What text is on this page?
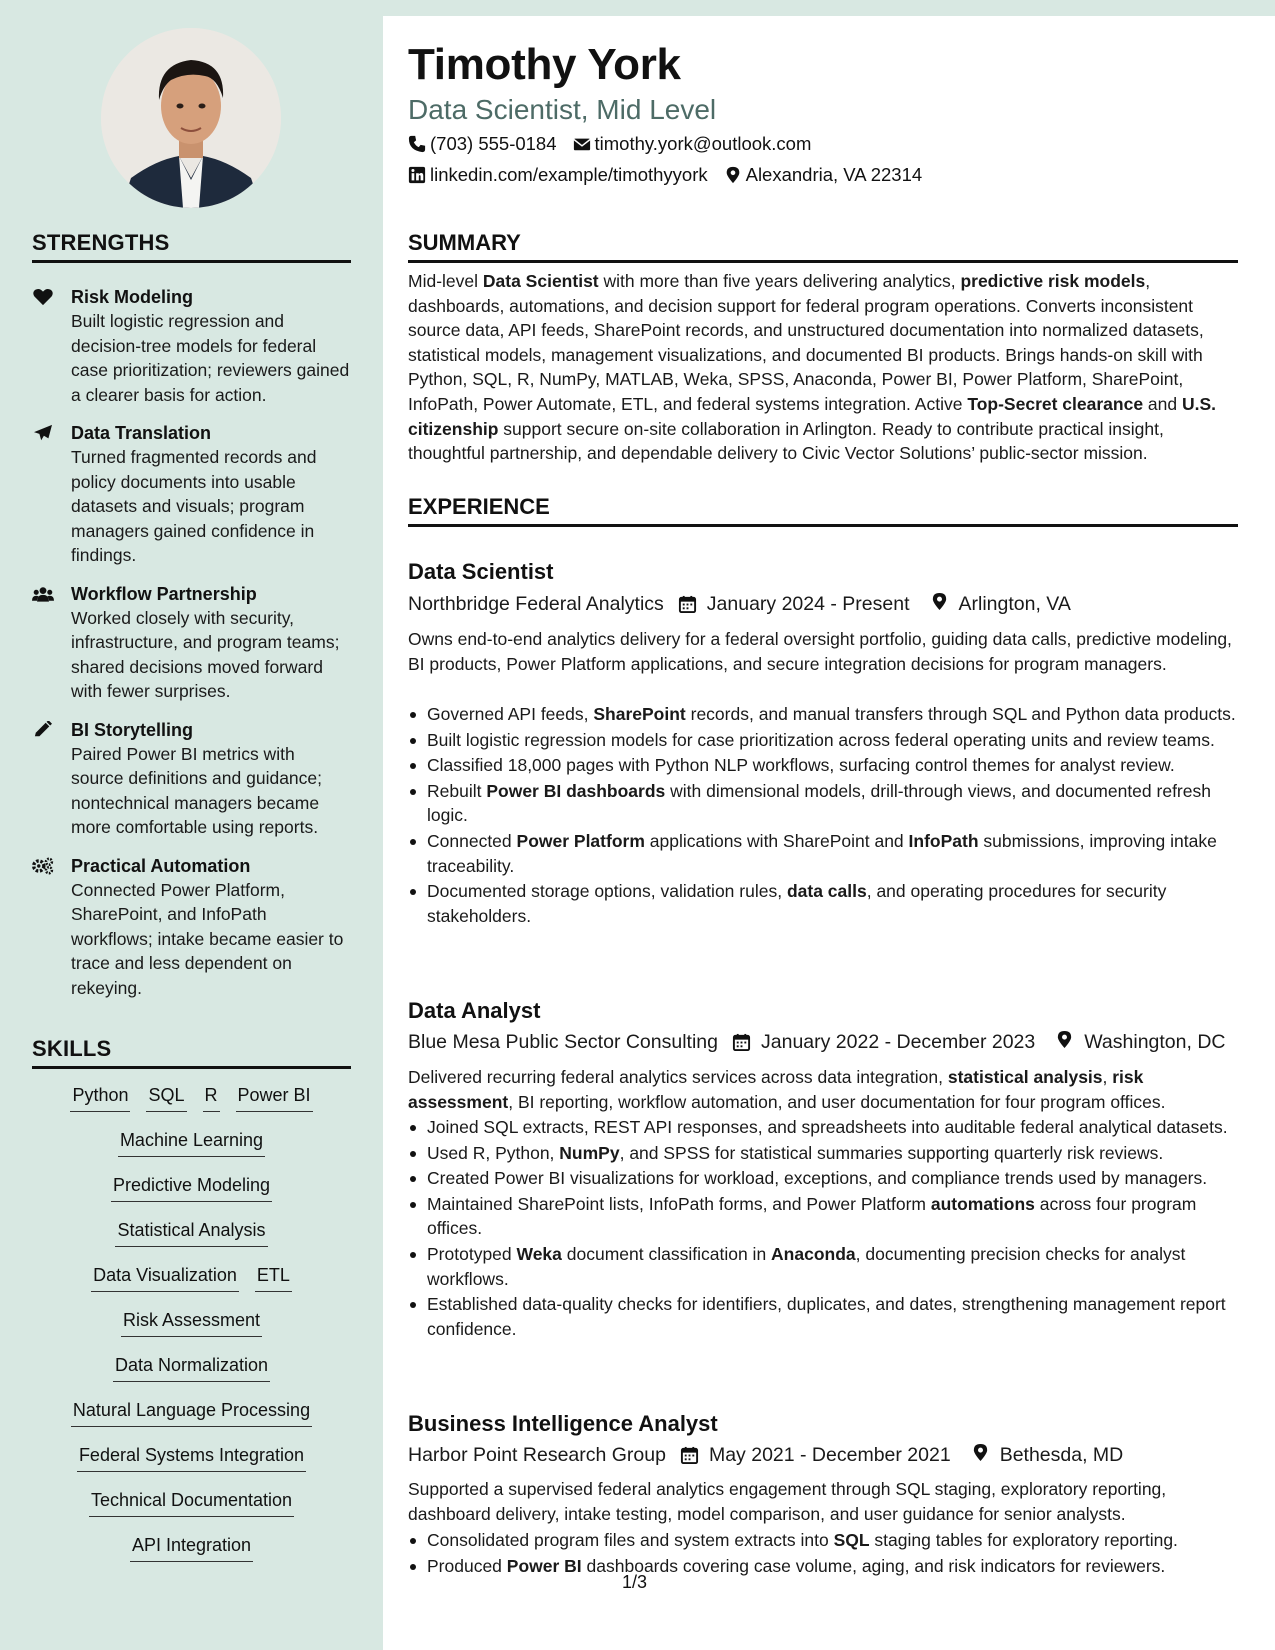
STRENGTHS
Risk Modeling
Built logistic regression and decision-tree models for federal case prioritization; reviewers gained a clearer basis for action.
Data Translation
Turned fragmented records and policy documents into usable datasets and visuals; program managers gained confidence in findings.
Workflow Partnership
Worked closely with security, infrastructure, and program teams; shared decisions moved forward with fewer surprises.
BI Storytelling
Paired Power BI metrics with source definitions and guidance; nontechnical managers became more comfortable using reports.
Practical Automation
Connected Power Platform, SharePoint, and InfoPath workflows; intake became easier to trace and less dependent on rekeying.
SKILLS
Python SQL R Power BI
Machine Learning
Predictive Modeling
Statistical Analysis
Data Visualization ETL
Risk Assessment
Data Normalization
Natural Language Processing
Federal Systems Integration
Technical Documentation
API Integration
Timothy York
Data Scientist, Mid Level
(703) 555-0184 timothy.york@outlook.com
linkedin.com/example/timothyyork Alexandria, VA 22314
SUMMARY
Mid-level Data Scientist with more than five years delivering analytics, predictive risk models, dashboards, automations, and decision support for federal program operations. Converts inconsistent source data, API feeds, SharePoint records, and unstructured documentation into normalized datasets, statistical models, management visualizations, and documented BI products. Brings hands-on skill with Python, SQL, R, NumPy, MATLAB, Weka, SPSS, Anaconda, Power BI, Power Platform, SharePoint, InfoPath, Power Automate, ETL, and federal systems integration. Active Top-Secret clearance and U.S. citizenship support secure on-site collaboration in Arlington. Ready to contribute practical insight, thoughtful partnership, and dependable delivery to Civic Vector Solutions’ public-sector mission.
EXPERIENCE
Data Scientist
Northbridge Federal Analytics January 2024 - Present	Arlington, VA
Owns end-to-end analytics delivery for a federal oversight portfolio, guiding data calls, predictive modeling, BI products, Power Platform applications, and secure integration decisions for program managers.
Governed API feeds, SharePoint records, and manual transfers through SQL and Python data products.
Built logistic regression models for case prioritization across federal operating units and review teams.
Classified 18,000 pages with Python NLP workflows, surfacing control themes for analyst review.
Rebuilt Power BI dashboards with dimensional models, drill-through views, and documented refresh logic.
Connected Power Platform applications with SharePoint and InfoPath submissions, improving intake traceability.
Documented storage options, validation rules, data calls, and operating procedures for security stakeholders.
Data Analyst
Blue Mesa Public Sector Consulting January 2022 - December 2023	Washington, DC
Delivered recurring federal analytics services across data integration, statistical analysis, risk assessment, BI reporting, workflow automation, and user documentation for four program offices.
Joined SQL extracts, REST API responses, and spreadsheets into auditable federal analytical datasets.
Used R, Python, NumPy, and SPSS for statistical summaries supporting quarterly risk reviews.
Created Power BI visualizations for workload, exceptions, and compliance trends used by managers.
Maintained SharePoint lists, InfoPath forms, and Power Platform automations across four program offices.
Prototyped Weka document classification in Anaconda, documenting precision checks for analyst workflows.
Established data-quality checks for identifiers, duplicates, and dates, strengthening management report confidence.
Business Intelligence Analyst
Harbor Point Research Group May 2021 - December 2021	Bethesda, MD
Supported a supervised federal analytics engagement through SQL staging, exploratory reporting, dashboard delivery, intake testing, model comparison, and user guidance for senior analysts.
Consolidated program files and system extracts into SQL staging tables for exploratory reporting.
Produced Power BI dashboards covering case volume, aging, and risk indicators for reviewers.
1/3
